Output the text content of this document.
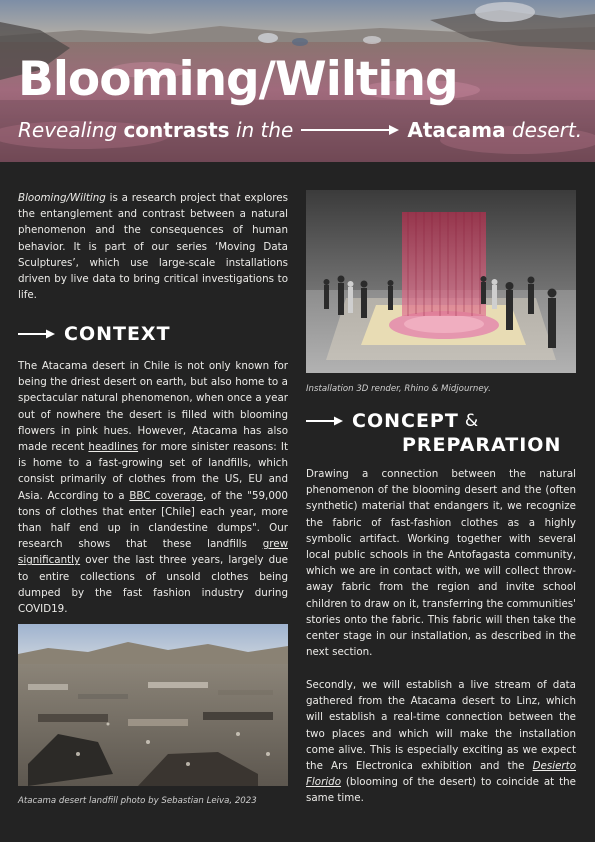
Blooming/Wilting
Revealing
contrasts
in the	Atacama
desert.

Blooming/Wilting is a research project that explores the entanglement and contrast between a natural phenomenon and the consequences of human behavior. It is part of our series ‘Moving Data Sculptures’, which use large-scale installations driven by live data to bring critical investigations to life.

CONTEXT

The Atacama desert in Chile is not only known for being the driest desert on earth, but also home to a spectacular natural phenomenon, when once a year out of nowhere the desert is filled with blooming flowers in pink hues. However, Atacama has also made recent headlines for more sinister reasons: It is home to a fast-growing set of landfills, which consist primarily of clothes from the US, EU and Asia. According to a BBC coverage, of the "59,000 tons of clothes that enter [Chile] each year, more than half end up in clandestine dumps". Our research shows that these landfills grew significantly over the last three years, largely due to entire collections of unsold clothes being dumped by the fast fashion industry during COVID19.

Installation 3D render, Rhino & Midjourney.
CONCEPT &
PREPARATION

Drawing a connection between the natural phenomenon of the blooming desert and the (often synthetic) material that endangers it, we recognize the fabric of fast-fashion clothes as a highly symbolic artifact. Working together with several local public schools in the Antofagasta community, which we are in contact with, we will collect throw-away fabric from the region and invite school children to draw on it, transferring the communities' stories onto the fabric. This fabric will then take the center stage in our installation, as described in the next section.

Secondly, we will establish a live stream of data gathered from the Atacama desert to Linz, which will establish a real-time connection between the two places and which will make the installation come alive. This is especially exciting as we expect the Ars Electronica exhibition and the Desierto Florido (blooming of the desert) to coincide at the same time.

Atacama desert landfill photo by Sebastian Leiva, 2023
